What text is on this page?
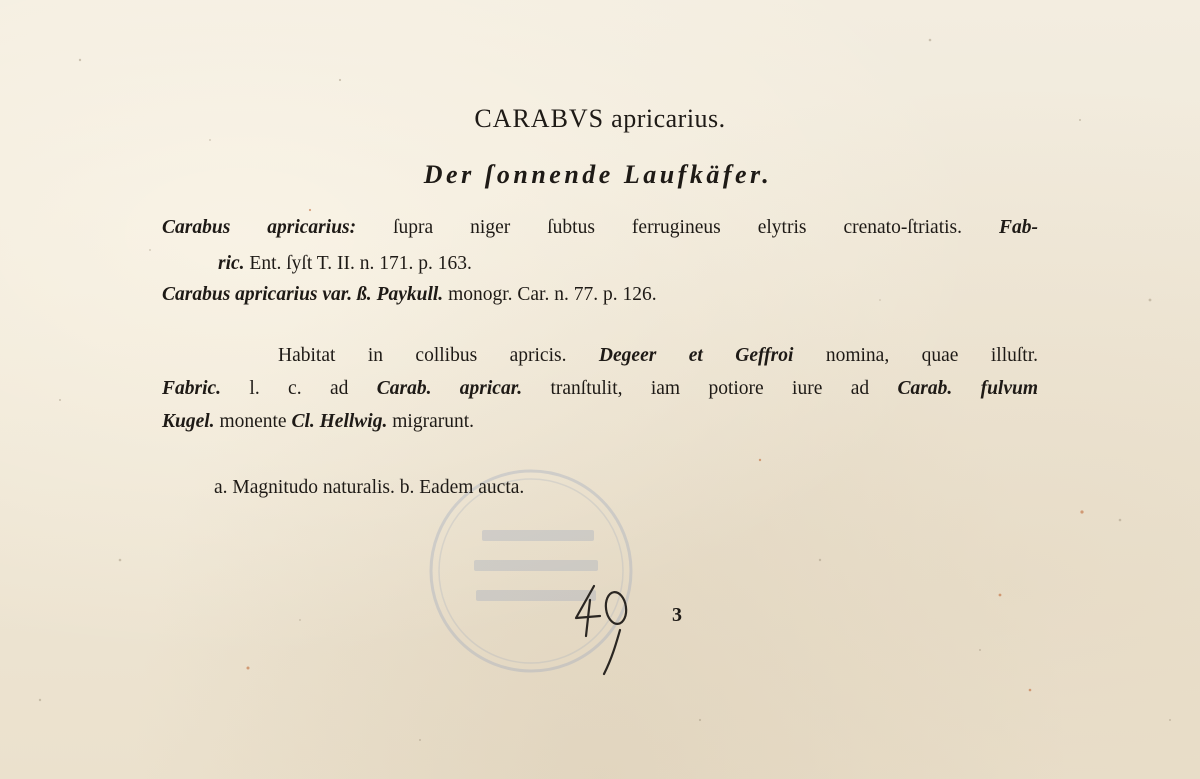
CARABVS apricarius.
Der ſonnende Laufkäfer.

Carabus apricarius: ſupra niger ſubtus ferrugineus elytris crenato-ſtriatis. Fab-

ric. Ent. ſyſt T. II. n. 171. p. 163.

Carabus apricarius var. ß. Paykull. monogr. Car. n. 77. p. 126.

Habitat in collibus apricis. Degeer et Geffroi nomina, quae illuſtr.

Fabric. l. c. ad Carab. apricar. tranſtulit, iam potiore iure ad Carab. fulvum

Kugel. monente Cl. Hellwig. migrarunt.

a. Magnitudo naturalis. b. Eadem aucta.

3
